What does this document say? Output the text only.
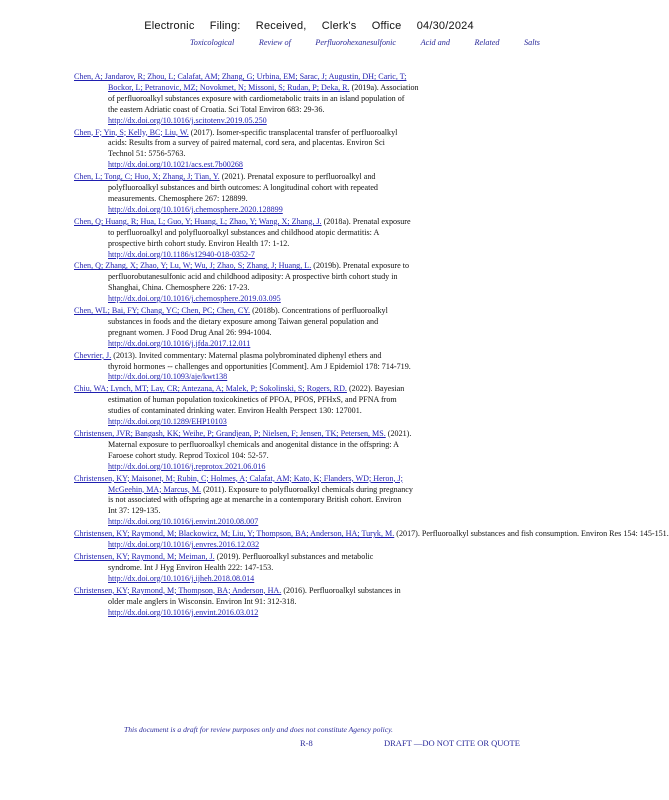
Electronic Filing: Received, Clerk's Office 04/30/2024
Toxicological	Review of	Perfluorohexanesulfonic	Acid and	Related	Salts
Chen, A; Jandarov, R; Zhou, L; Calafat, AM; Zhang, G; Urbina, EM; Sarac, J; Augustin, DH; Caric, T;
Bockor, L; Petranovic, MZ; Novokmet, N; Missoni, S; Rudan, P; Deka, R. (2019a). Association
of perfluoroalkyl substances exposure with cardiometabolic traits in an island population of
the eastern Adriatic coast of Croatia. Sci Total Environ 683: 29-36.
http://dx.doi.org/10.1016/j.scitotenv.2019.05.250
Chen, F; Yin, S; Kelly, BC; Liu, W. (2017). Isomer-specific transplacental transfer of perfluoroalkyl
acids: Results from a survey of paired maternal, cord sera, and placentas. Environ Sci
Technol 51: 5756-5763.
http://dx.doi.org/10.1021/acs.est.7b00268
Chen, L; Tong, C; Huo, X; Zhang, J; Tian, Y. (2021). Prenatal exposure to perfluoroalkyl and
polyfluoroalkyl substances and birth outcomes: A longitudinal cohort with repeated
measurements. Chemosphere 267: 128899.
http://dx.doi.org/10.1016/j.chemosphere.2020.128899
Chen, Q; Huang, R; Hua, L; Guo, Y; Huang, L; Zhao, Y; Wang, X; Zhang, J. (2018a). Prenatal exposure
to perfluoroalkyl and polyfluoroalkyl substances and childhood atopic dermatitis: A
prospective birth cohort study. Environ Health 17: 1-12.
http://dx.doi.org/10.1186/s12940-018-0352-7
Chen, Q; Zhang, X; Zhao, Y; Lu, W; Wu, J; Zhao, S; Zhang, J; Huang, L. (2019b). Prenatal exposure to
perfluorobutanesulfonic acid and childhood adiposity: A prospective birth cohort study in
Shanghai, China. Chemosphere 226: 17-23.
http://dx.doi.org/10.1016/j.chemosphere.2019.03.095
Chen, WL; Bai, FY; Chang, YC; Chen, PC; Chen, CY. (2018b). Concentrations of perfluoroalkyl
substances in foods and the dietary exposure among Taiwan general population and
pregnant women. J Food Drug Anal 26: 994-1004.
http://dx.doi.org/10.1016/j.jfda.2017.12.011
Chevrier, J. (2013). Invited commentary: Maternal plasma polybrominated diphenyl ethers and
thyroid hormones -- challenges and opportunities [Comment]. Am J Epidemiol 178: 714-719.
http://dx.doi.org/10.1093/aje/kwt138
Chiu, WA; Lynch, MT; Lay, CR; Antezana, A; Malek, P; Sokolinski, S; Rogers, RD. (2022). Bayesian
estimation of human population toxicokinetics of PFOA, PFOS, PFHxS, and PFNA from
studies of contaminated drinking water. Environ Health Perspect 130: 127001.
http://dx.doi.org/10.1289/EHP10103
Christensen, JVR; Bangash, KK; Weihe, P; Grandjean, P; Nielsen, F; Jensen, TK; Petersen, MS. (2021).
Maternal exposure to perfluoroalkyl chemicals and anogenital distance in the offspring: A
Faroese cohort study. Reprod Toxicol 104: 52-57.
http://dx.doi.org/10.1016/j.reprotox.2021.06.016
Christensen, KY; Maisonet, M; Rubin, C; Holmes, A; Calafat, AM; Kato, K; Flanders, WD; Heron, J;
McGeehin, MA; Marcus, M. (2011). Exposure to polyfluoroalkyl chemicals during pregnancy
is not associated with offspring age at menarche in a contemporary British cohort. Environ
Int 37: 129-135.
http://dx.doi.org/10.1016/j.envint.2010.08.007
Christensen, KY; Raymond, M; Blackowicz, M; Liu, Y; Thompson, BA; Anderson, HA; Turyk, M. (2017). Perfluoroalkyl substances and fish consumption. Environ Res 154: 145-151.
http://dx.doi.org/10.1016/j.envres.2016.12.032
Christensen, KY; Raymond, M; Meiman, J. (2019). Perfluoroalkyl substances and metabolic
syndrome. Int J Hyg Environ Health 222: 147-153.
http://dx.doi.org/10.1016/j.ijheh.2018.08.014
Christensen, KY; Raymond, M; Thompson, BA; Anderson, HA. (2016). Perfluoroalkyl substances in
older male anglers in Wisconsin. Environ Int 91: 312-318.
http://dx.doi.org/10.1016/j.envint.2016.03.012
This document is a draft for review purposes only and does not constitute Agency policy.
R-8	DRAFT —DO NOT CITE OR QUOTE
